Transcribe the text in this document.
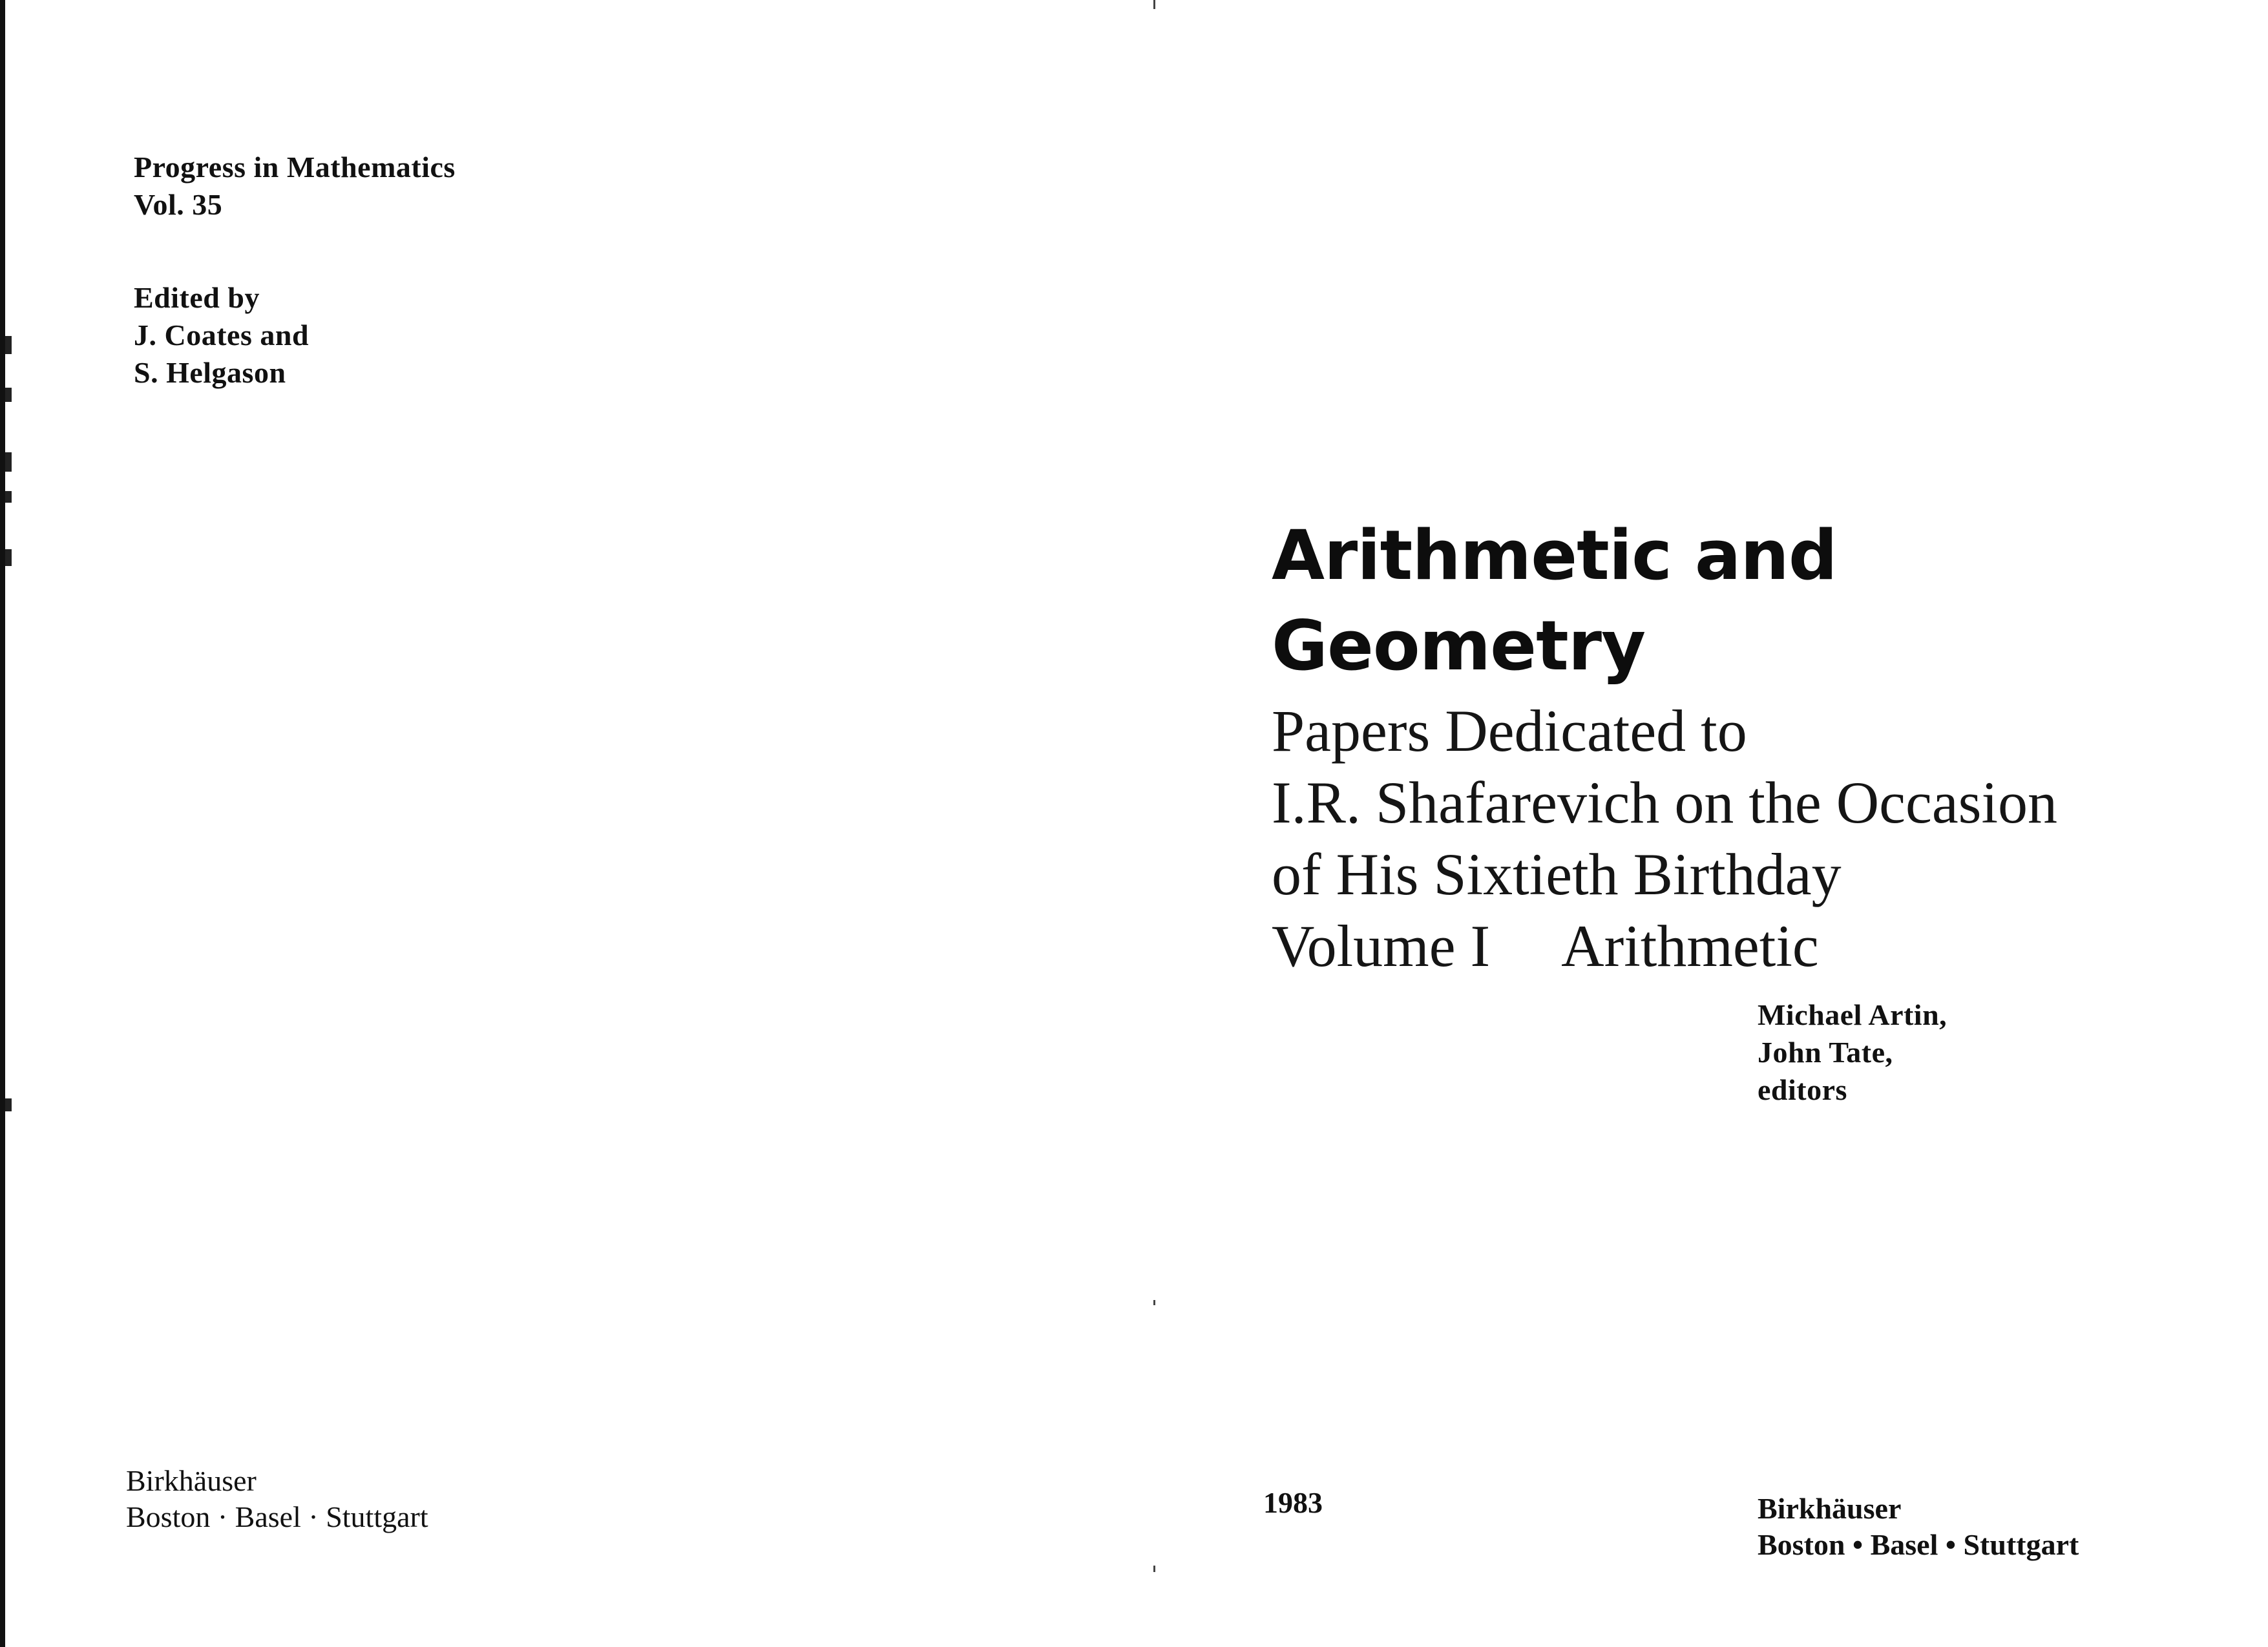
Progress in Mathematics
Vol. 35
Edited by
J. Coates and
S. Helgason
Birkhäuser
Boston · Basel · Stuttgart
Arithmetic and
Geometry
Papers Dedicated to
I.R. Shafarevich on the Occasion
of His Sixtieth Birthday
Volume I Arithmetic
Michael Artin,
John Tate,
editors
1983	Birkhäuser
Boston • Basel • Stuttgart
